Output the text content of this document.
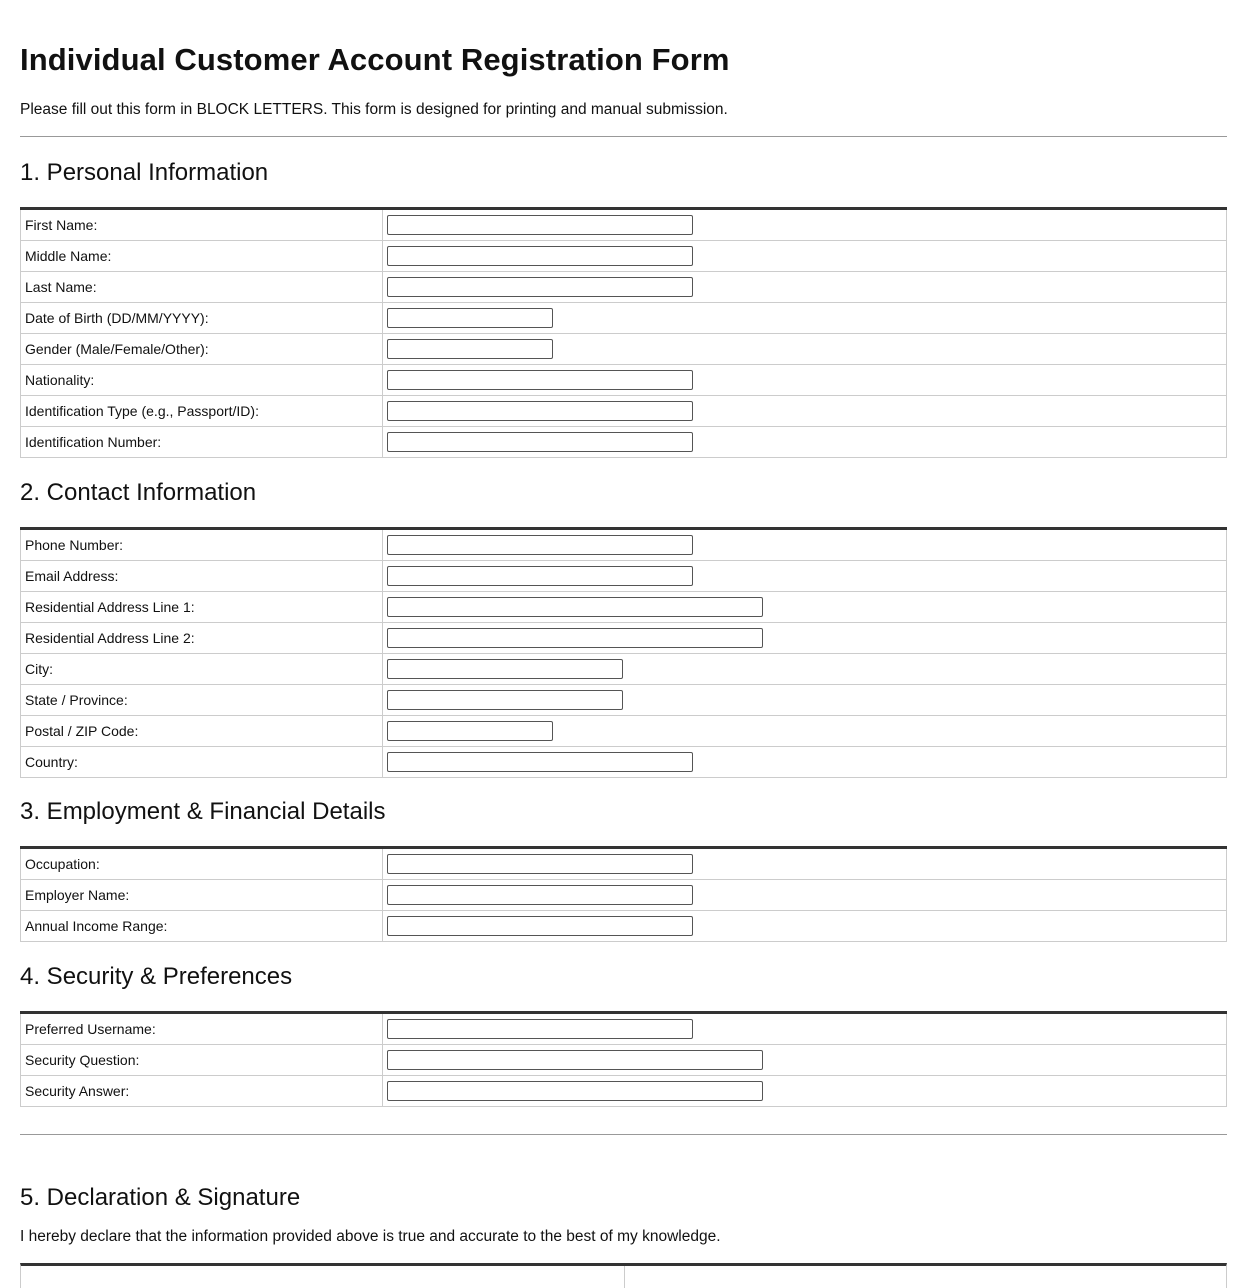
Individual Customer Account Registration Form
Please fill out this form in BLOCK LETTERS. This form is designed for printing and manual submission.
1. Personal Information
First Name:	

Middle Name:	

Last Name:	

Date of Birth (DD/MM/YYYY):	

Gender (Male/Female/Other):	

Nationality:	

Identification Type (e.g., Passport/ID):	

Identification Number:	
2. Contact Information
Phone Number:	

Email Address:	

Residential Address Line 1:	

Residential Address Line 2:	

City:	

State / Province:	

Postal / ZIP Code:	

Country:	
3. Employment & Financial Details
Occupation:	

Employer Name:	

Annual Income Range:	
4. Security & Preferences
Preferred Username:	

Security Question:	

Security Answer:	
5. Declaration & Signature
I hereby declare that the information provided above is true and accurate to the best of my knowledge.
